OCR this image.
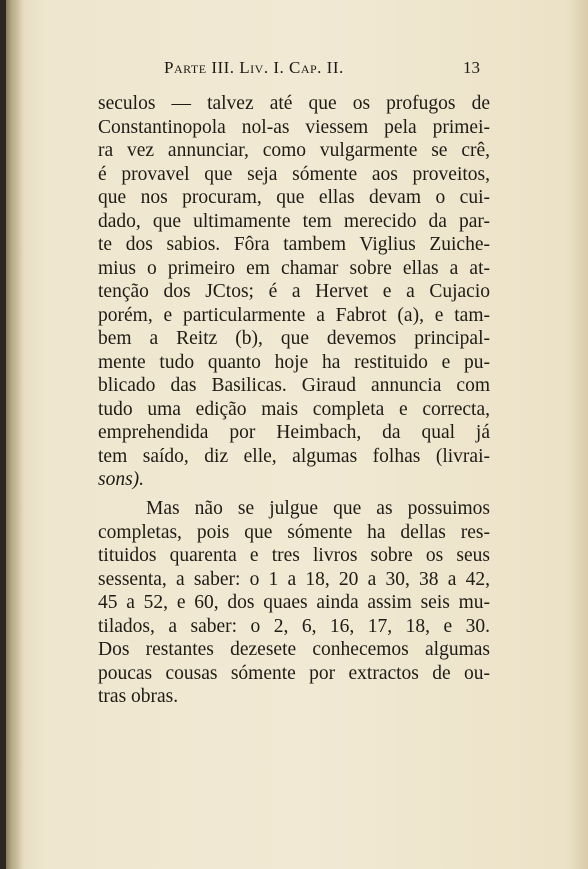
Parte III. Liv. I. Cap. II.	13
seculos — talvez até que os profugos de
Constantinopola nol-as viessem pela primei-
ra vez annunciar, como vulgarmente se crê,
é provavel que seja sómente aos proveitos,
que nos procuram, que ellas devam o cui-
dado, que ultimamente tem merecido da par-
te dos sabios. Fôra tambem Viglius Zuiche-
mius o primeiro em chamar sobre ellas a at-
tenção dos JCtos; é a Hervet e a Cujacio
porém, e particularmente a Fabrot (a), e tam-
bem a Reitz (b), que devemos principal-
mente tudo quanto hoje ha restituido e pu-
blicado das Basilicas. Giraud annuncia com
tudo uma edição mais completa e correcta,
emprehendida por Heimbach, da qual já
tem saído, diz elle, algumas folhas (livrai-
sons).
Mas não se julgue que as possuimos
completas, pois que sómente ha dellas res-
tituidos quarenta e tres livros sobre os seus
sessenta, a saber: o 1 a 18, 20 a 30, 38 a 42,
45 a 52, e 60, dos quaes ainda assim seis mu-
tilados, a saber: o 2, 6, 16, 17, 18, e 30.
Dos restantes dezesete conhecemos algumas
poucas cousas sómente por extractos de ou-
tras obras.
